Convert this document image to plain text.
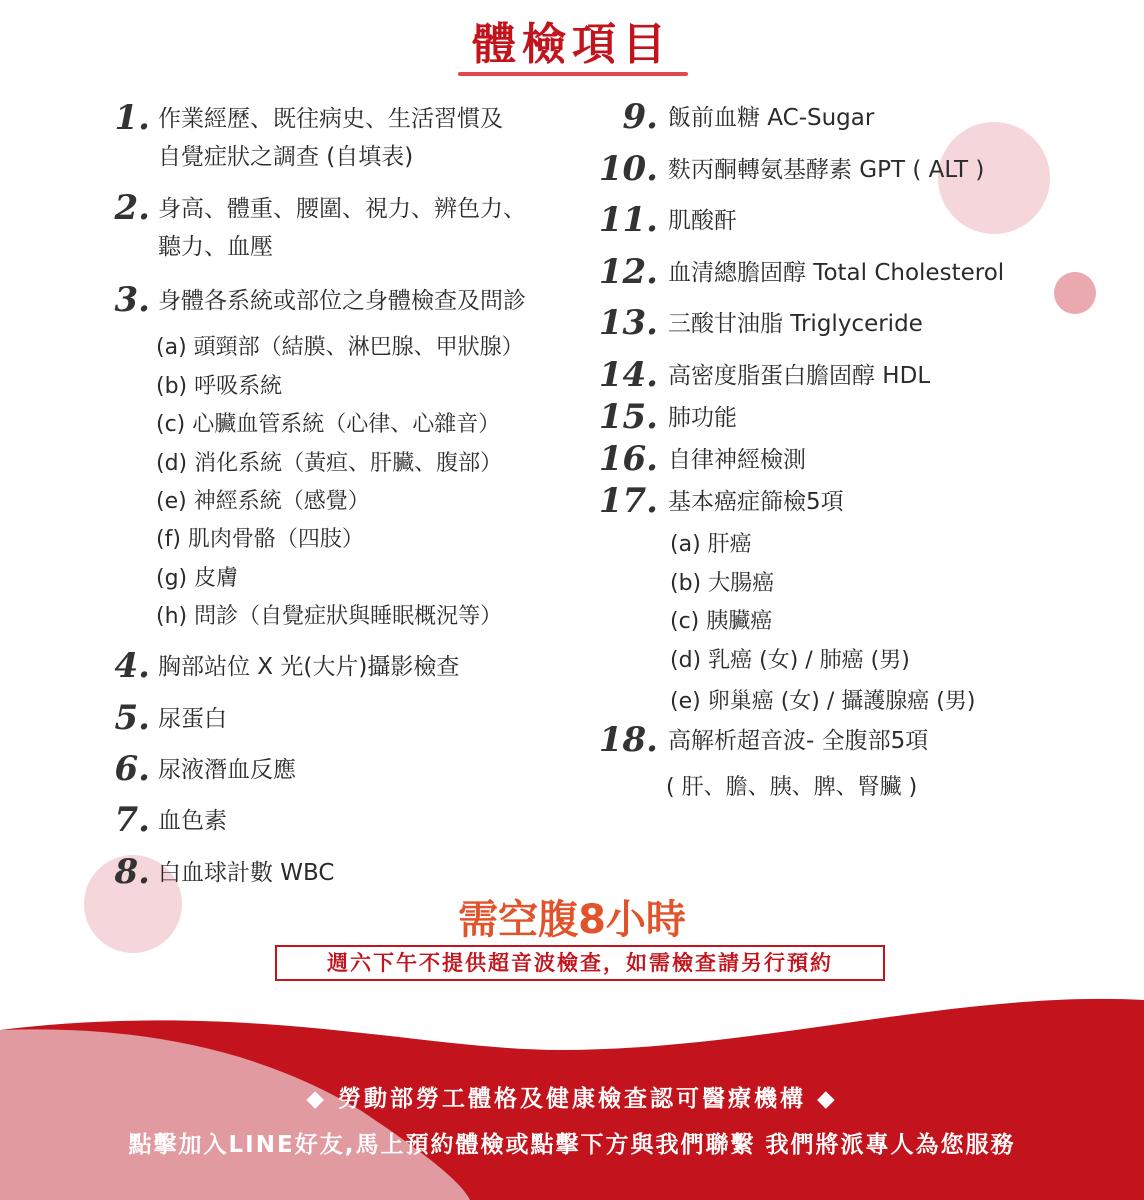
體檢項目
1. 作業經歷、既往病史、生活習慣及
自覺症狀之調查 (自填表)
2. 身高、體重、腰圍、視力、辨色力、
聽力、血壓
3. 身體各系統或部位之身體檢查及問診
(a) 頭頸部（結膜、淋巴腺、甲狀腺）
(b) 呼吸系統
(c) 心臟血管系統（心律、心雜音）
(d) 消化系統（黃疸、肝臟、腹部）
(e) 神經系統（感覺）
(f) 肌肉骨骼（四肢）
(g) 皮膚
(h) 問診（自覺症狀與睡眠概況等）
4. 胸部站位 X 光(大片)攝影檢查
5. 尿蛋白
6. 尿液潛血反應
7. 血色素
8. 白血球計數 WBC
9. 飯前血糖 AC-Sugar
10. 麩丙酮轉氨基酵素 GPT ( ALT )
11. 肌酸酐
12. 血清總膽固醇 Total Cholesterol
13. 三酸甘油脂 Triglyceride
14. 高密度脂蛋白膽固醇 HDL
15. 肺功能
16. 自律神經檢測
17. 基本癌症篩檢5項
(a) 肝癌
(b) 大腸癌
(c) 胰臟癌
(d) 乳癌 (女) / 肺癌 (男)
(e) 卵巢癌 (女) / 攝護腺癌 (男)
18. 高解析超音波- 全腹部5項
( 肝、膽、胰、脾、腎臟 )
需空腹8小時
週六下午不提供超音波檢查，如需檢查請另行預約
◆ 勞動部勞工體格及健康檢查認可醫療機構 ◆
點擊加入LINE好友,馬上預約體檢或點擊下方與我們聯繫 我們將派專人為您服務
